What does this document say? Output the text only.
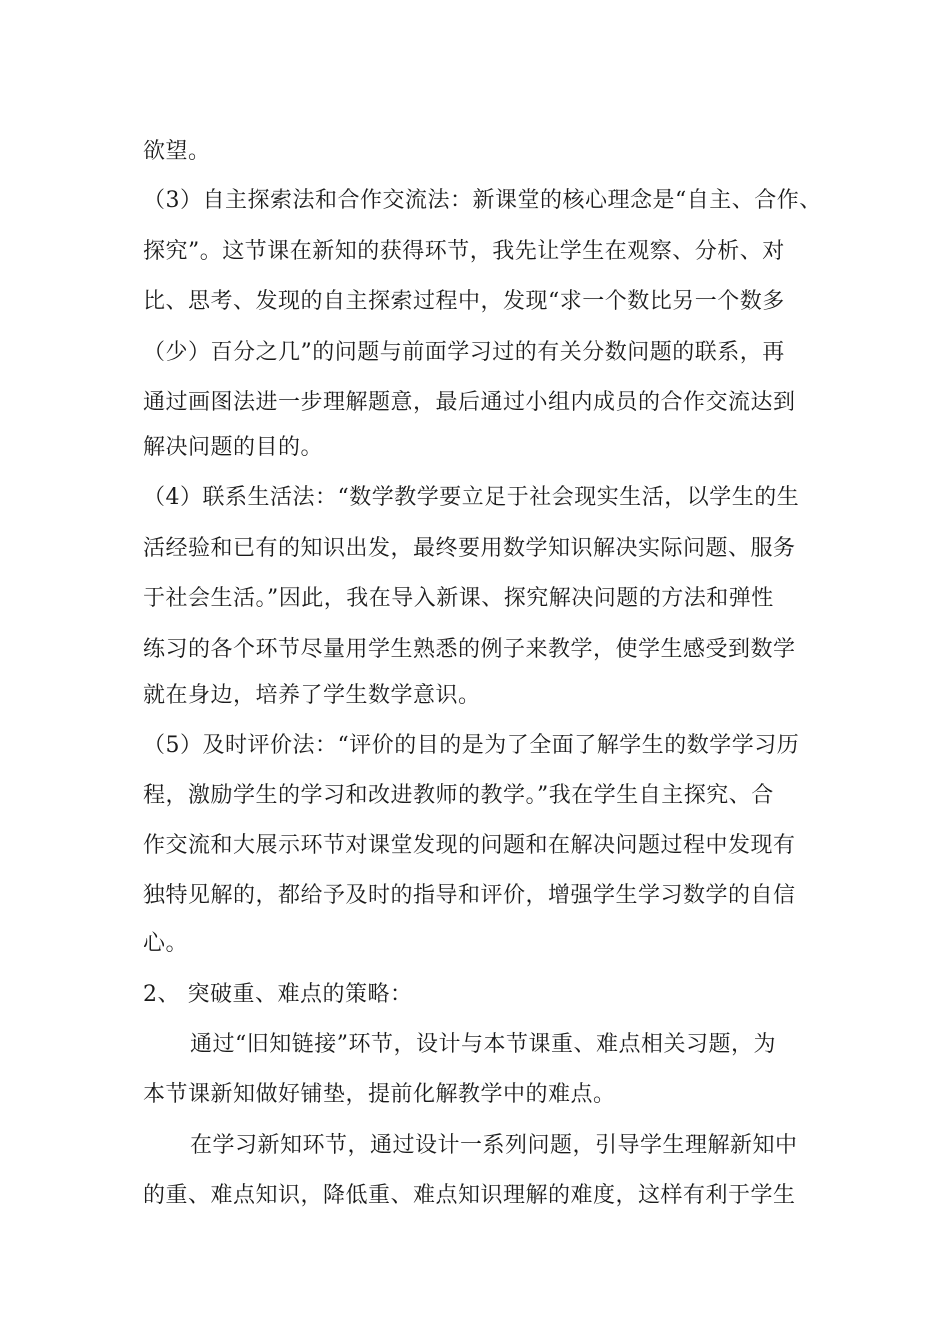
欲望。
（3）自主探索法和合作交流法：新课堂的核心理念是“自主、合作、
探究”。这节课在新知的获得环节，我先让学生在观察、分析、对
比、思考、发现的自主探索过程中，发现“求一个数比另一个数多
（少）百分之几”的问题与前面学习过的有关分数问题的联系，再
通过画图法进一步理解题意，最后通过小组内成员的合作交流达到
解决问题的目的。
（4）联系生活法：“数学教学要立足于社会现实生活，以学生的生
活经验和已有的知识出发，最终要用数学知识解决实际问题、服务
于社会生活。”因此，我在导入新课、探究解决问题的方法和弹性
练习的各个环节尽量用学生熟悉的例子来教学，使学生感受到数学
就在身边，培养了学生数学意识。
（5）及时评价法：“评价的目的是为了全面了解学生的数学学习历
程，激励学生的学习和改进教师的教学。”我在学生自主探究、合
作交流和大展示环节对课堂发现的问题和在解决问题过程中发现有
独特见解的，都给予及时的指导和评价，增强学生学习数学的自信
心。
2、 突破重、难点的策略：
通过“旧知链接”环节，设计与本节课重、难点相关习题，为
本节课新知做好铺垫，提前化解教学中的难点。
在学习新知环节，通过设计一系列问题，引导学生理解新知中
的重、难点知识，降低重、难点知识理解的难度，这样有利于学生
